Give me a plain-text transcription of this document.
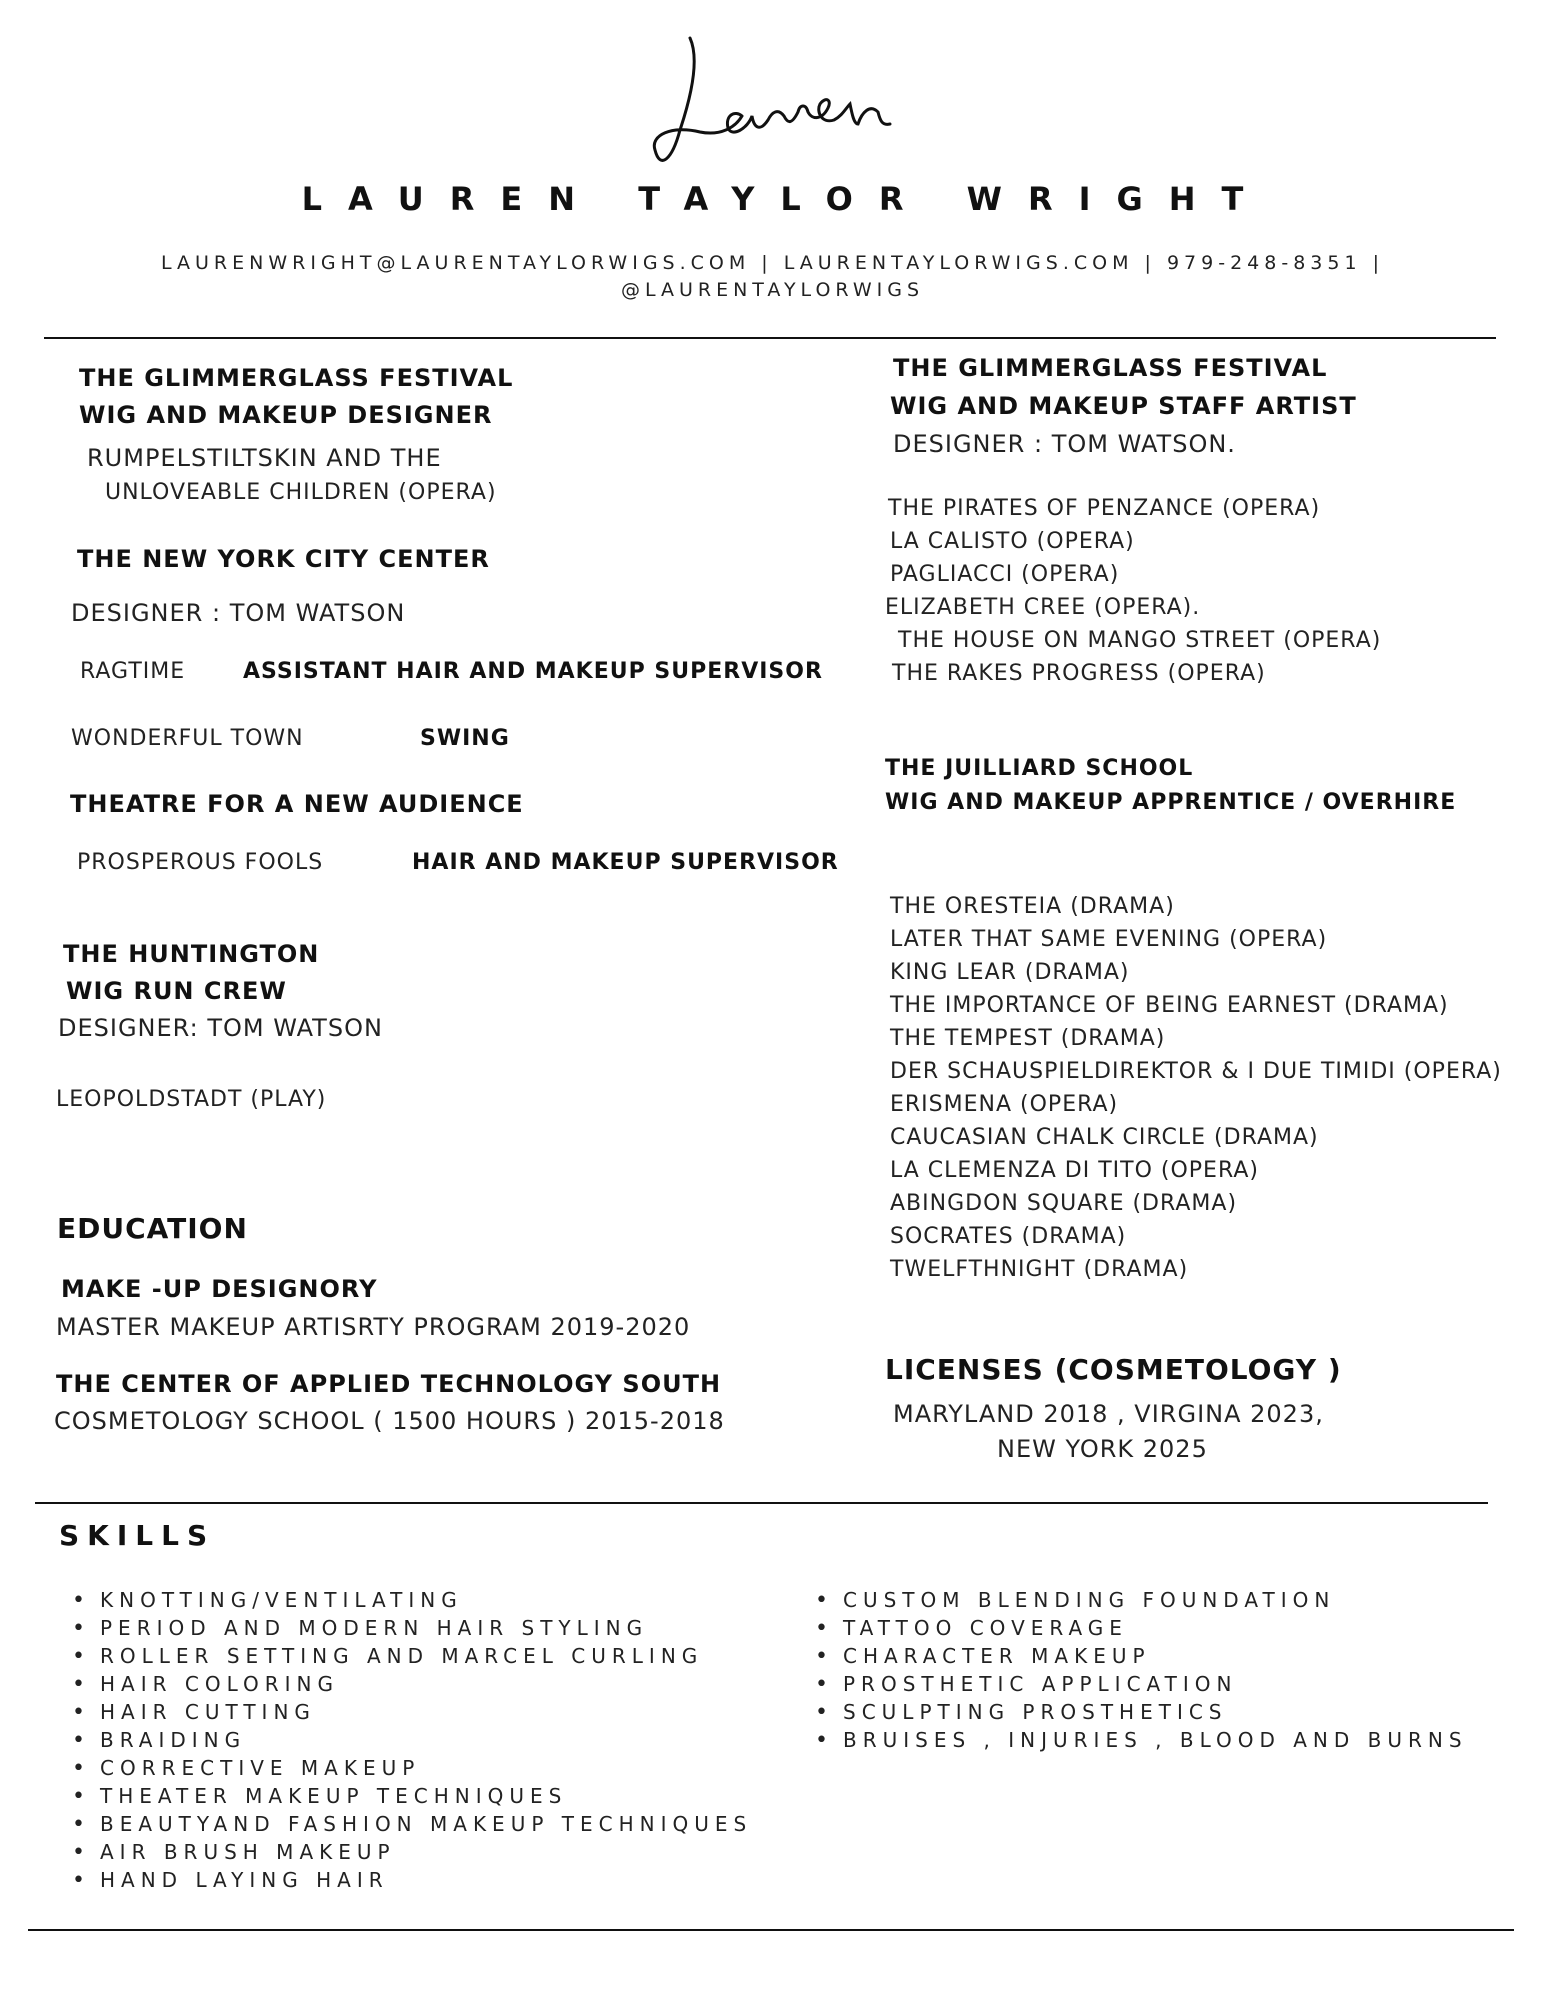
LAUREN TAYLOR WRIGHT
LAURENWRIGHT@LAURENTAYLORWIGS.COM | LAURENTAYLORWIGS.COM | 979-248-8351 |
@LAURENTAYLORWIGS
THE GLIMMERGLASS FESTIVAL
WIG AND MAKEUP DESIGNER
RUMPELSTILTSKIN AND THE
UNLOVEABLE CHILDREN (OPERA)
THE NEW YORK CITY CENTER
DESIGNER : TOM WATSON
RAGTIME	ASSISTANT HAIR AND MAKEUP SUPERVISOR
WONDERFUL TOWN	SWING
THEATRE FOR A NEW AUDIENCE
PROSPEROUS FOOLS	HAIR AND MAKEUP SUPERVISOR
THE HUNTINGTON
WIG RUN CREW
DESIGNER: TOM WATSON
LEOPOLDSTADT (PLAY)
EDUCATION
MAKE -UP DESIGNORY
MASTER MAKEUP ARTISRTY PROGRAM 2019-2020
THE CENTER OF APPLIED TECHNOLOGY SOUTH
COSMETOLOGY SCHOOL ( 1500 HOURS ) 2015-2018
THE GLIMMERGLASS FESTIVAL
WIG AND MAKEUP STAFF ARTIST
DESIGNER : TOM WATSON.
THE PIRATES OF PENZANCE (OPERA)
LA CALISTO (OPERA)
PAGLIACCI (OPERA)
ELIZABETH CREE (OPERA).
THE HOUSE ON MANGO STREET (OPERA)
THE RAKES PROGRESS (OPERA)
THE JUILLIARD SCHOOL
WIG AND MAKEUP APPRENTICE / OVERHIRE
THE ORESTEIA (DRAMA)
LATER THAT SAME EVENING (OPERA)
KING LEAR (DRAMA)
THE IMPORTANCE OF BEING EARNEST (DRAMA)
THE TEMPEST (DRAMA)
DER SCHAUSPIELDIREKTOR & I DUE TIMIDI (OPERA)
ERISMENA (OPERA)
CAUCASIAN CHALK CIRCLE (DRAMA)
LA CLEMENZA DI TITO (OPERA)
ABINGDON SQUARE (DRAMA)
SOCRATES (DRAMA)
TWELFTHNIGHT (DRAMA)
LICENSES (COSMETOLOGY )
MARYLAND 2018 , VIRGINA 2023,
NEW YORK 2025
SKILLS
• KNOTTING/VENTILATING
• PERIOD AND MODERN HAIR STYLING
• ROLLER SETTING AND MARCEL CURLING
• HAIR COLORING
• HAIR CUTTING
• BRAIDING
• CORRECTIVE MAKEUP
• THEATER MAKEUP TECHNIQUES
• BEAUTYAND FASHION MAKEUP TECHNIQUES
• AIR BRUSH MAKEUP
• HAND LAYING HAIR
• CUSTOM BLENDING FOUNDATION
• TATTOO COVERAGE
• CHARACTER MAKEUP
• PROSTHETIC APPLICATION
• SCULPTING PROSTHETICS
• BRUISES , INJURIES , BLOOD AND BURNS
